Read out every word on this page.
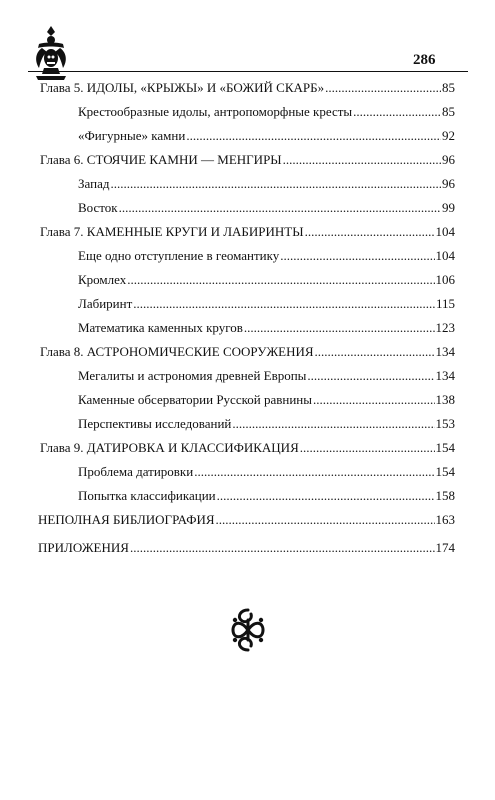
286
Глава 5. ИДОЛЫ, «КРЫЖЫ» И «БОЖИЙ СКАРБ» .....	85
Крестообразные идолы, антропоморфные кресты .....	85
«Фигурные» камни .....	92
Глава 6. СТОЯЧИЕ КАМНИ — МЕНГИРЫ .....	96
Запад .....	96
Восток .....	99
Глава 7. КАМЕННЫЕ КРУГИ И ЛАБИРИНТЫ .....	104
Еще одно отступление в геомантику .....	104
Кромлех .....	106
Лабиринт .....	115
Математика каменных кругов .....	123
Глава 8. АСТРОНОМИЧЕСКИЕ СООРУЖЕНИЯ .....	134
Мегалиты и астрономия древней Европы .....	134
Каменные обсерватории Русской равнины .....	138
Перспективы исследований .....	153
Глава 9. ДАТИРОВКА И КЛАССИФИКАЦИЯ .....	154
Проблема датировки .....	154
Попытка классификации .....	158
НЕПОЛНАЯ БИБЛИОГРАФИЯ .....	163
ПРИЛОЖЕНИЯ .....	174
